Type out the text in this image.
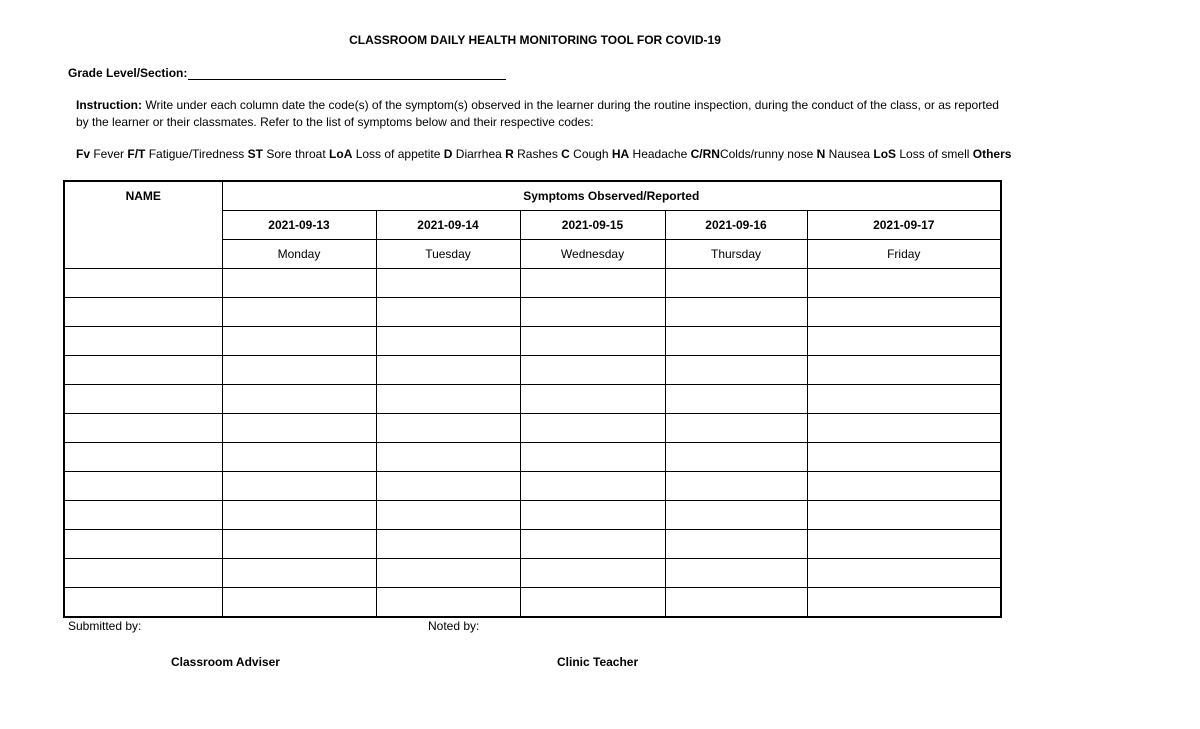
CLASSROOM DAILY HEALTH MONITORING TOOL FOR COVID-19
Grade Level/Section:
Instruction: Write under each column date the code(s) of the symptom(s) observed in the learner during the routine inspection, during the conduct of the class, or as reported by the learner or their classmates. Refer to the list of symptoms below and their respective codes:
Fv Fever F/T Fatigue/Tiredness ST Sore throat LoA Loss of appetite D Diarrhea R Rashes C Cough HA Headache C/RNColds/runny nose N Nausea LoS Loss of smell Others
NAME	Symptoms Observed/Reported				
	2021-09-13	2021-09-14	2021-09-15	2021-09-16	2021-09-17
	Monday	Tuesday	Wednesday	Thursday	Friday

Submitted by:	Noted by:
Classroom Adviser	Clinic Teacher
